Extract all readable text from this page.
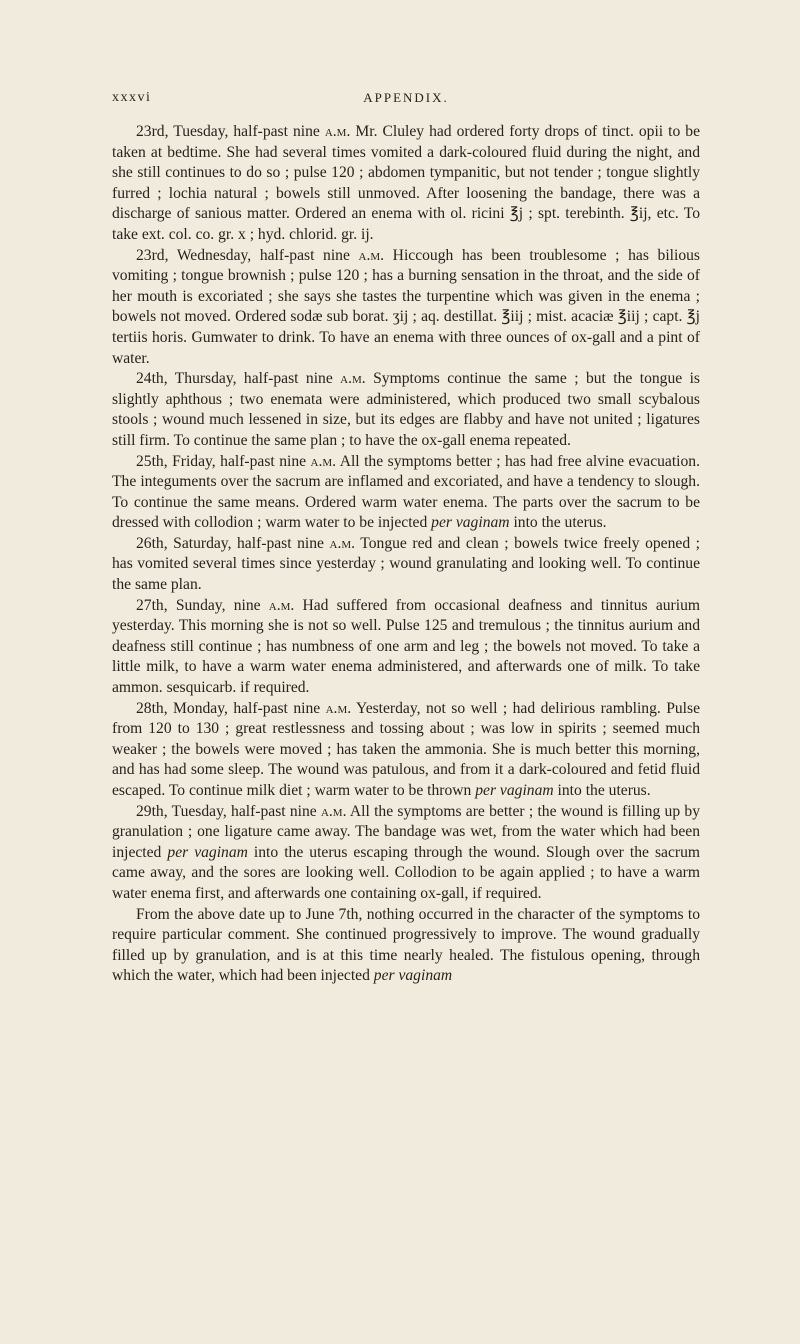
xxxvi	APPENDIX.

23rd, Tuesday, half-past nine a.m. Mr. Cluley had ordered forty drops of tinct. opii to be taken at bedtime. She had several times vomited a dark-coloured fluid during the night, and she still continues to do so ; pulse 120 ; abdomen tympanitic, but not tender ; tongue slightly furred ; lochia natural ; bowels still unmoved. After loosening the bandage, there was a discharge of sanious matter. Ordered an enema with ol. ricini ℥j ; spt. terebinth. ℥ij, etc. To take ext. col. co. gr. x ; hyd. chlorid. gr. ij.

23rd, Wednesday, half-past nine a.m. Hiccough has been troublesome ; has bilious vomiting ; tongue brownish ; pulse 120 ; has a burning sensation in the throat, and the side of her mouth is excoriated ; she says she tastes the turpentine which was given in the enema ; bowels not moved. Ordered sodæ sub borat. ʒij ; aq. destillat. ℥iij ; mist. acaciæ ℥iij ; capt. ℥j tertiis horis. Gumwater to drink. To have an enema with three ounces of ox-gall and a pint of water.

24th, Thursday, half-past nine a.m. Symptoms continue the same ; but the tongue is slightly aphthous ; two enemata were administered, which produced two small scybalous stools ; wound much lessened in size, but its edges are flabby and have not united ; ligatures still firm. To continue the same plan ; to have the ox-gall enema repeated.

25th, Friday, half-past nine a.m. All the symptoms better ; has had free alvine evacuation. The integuments over the sacrum are inflamed and excoriated, and have a tendency to slough. To continue the same means. Ordered warm water enema. The parts over the sacrum to be dressed with collodion ; warm water to be injected per vaginam into the uterus.

26th, Saturday, half-past nine a.m. Tongue red and clean ; bowels twice freely opened ; has vomited several times since yesterday ; wound granulating and looking well. To continue the same plan.

27th, Sunday, nine a.m. Had suffered from occasional deafness and tinnitus aurium yesterday. This morning she is not so well. Pulse 125 and tremulous ; the tinnitus aurium and deafness still continue ; has numbness of one arm and leg ; the bowels not moved. To take a little milk, to have a warm water enema administered, and afterwards one of milk. To take ammon. sesquicarb. if required.

28th, Monday, half-past nine a.m. Yesterday, not so well ; had delirious rambling. Pulse from 120 to 130 ; great restlessness and tossing about ; was low in spirits ; seemed much weaker ; the bowels were moved ; has taken the ammonia. She is much better this morning, and has had some sleep. The wound was patulous, and from it a dark-coloured and fetid fluid escaped. To continue milk diet ; warm water to be thrown per vaginam into the uterus.

29th, Tuesday, half-past nine a.m. All the symptoms are better ; the wound is filling up by granulation ; one ligature came away. The bandage was wet, from the water which had been injected per vaginam into the uterus escaping through the wound. Slough over the sacrum came away, and the sores are looking well. Collodion to be again applied ; to have a warm water enema first, and afterwards one containing ox-gall, if required.

From the above date up to June 7th, nothing occurred in the character of the symptoms to require particular comment. She continued progressively to improve. The wound gradually filled up by granulation, and is at this time nearly healed. The fistulous opening, through which the water, which had been injected per vaginam
